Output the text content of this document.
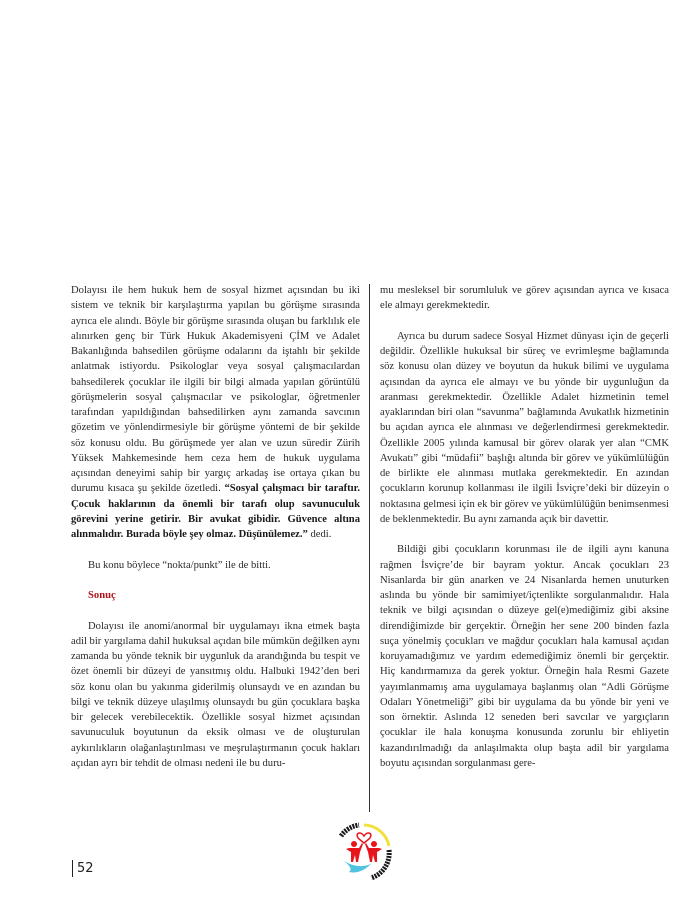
Dolayısı ile hem hukuk hem de sosyal hizmet açısından bu iki sistem ve teknik bir karşılaştırma yapılan bu görüşme sırasında ayrıca ele alındı. Böyle bir görüşme sırasında oluşan bu farklılık ele alınırken genç bir Türk Hukuk Akademisyeni ÇİM ve Adalet Bakanlığında bahsedilen görüşme odalarını da iştahlı bir şekilde anlatmak istiyordu. Psikologlar veya sosyal çalışmacılardan bahsedilerek çocuklar ile ilgili bir bilgi almada yapılan görüntülü görüşmelerin sosyal çalışmacılar ve psikologlar, öğretmenler tarafından yapıldığından bahsedilirken aynı zamanda savcının gözetim ve yönlendirmesiyle bir görüşme yöntemi de bir şekilde söz konusu oldu. Bu görüşmede yer alan ve uzun süredir Zürih Yüksek Mahkemesinde hem ceza hem de hukuk uygulama açısından deneyimi sahip bir yargıç arkadaş ise ortaya çıkan bu durumu kısaca şu şekilde özetledi. “Sosyal çalışmacı bir taraftır. Çocuk haklarının da önemli bir tarafı olup savunuculuk görevini yerine getirir. Bir avukat gibidir. Güvence altına alınmalıdır. Burada böyle şey olmaz. Düşünülemez.” dedi.

Bu konu böylece “nokta/punkt” ile de bitti.

Sonuç

Dolayısı ile anomi/anormal bir uygulamayı ikna etmek başta adil bir yargılama dahil hukuksal açıdan bile mümkün değilken aynı zamanda bu yönde teknik bir uygunluk da arandığında bu tespit ve özet önemli bir düzeyi de yansıtmış oldu. Halbuki 1942’den beri söz konu olan bu yakınma giderilmiş olunsaydı ve en azından bu bilgi ve teknik düzeye ulaşılmış olunsaydı bu gün çocuklara başka bir gelecek verebilecektik. Özellikle sosyal hizmet açısından savunuculuk boyutunun da eksik olması ve de oluşturulan aykırılıkların olağanlaştırılması ve meşrulaştırmanın çocuk hakları açıdan ayrı bir tehdit de olması nedeni ile bu duru-

mu mesleksel bir sorumluluk ve görev açısından ayrıca ve kısaca ele almayı gerekmektedir.

Ayrıca bu durum sadece Sosyal Hizmet dünyası için de geçerli değildir. Özellikle hukuksal bir süreç ve evrimleşme bağlamında söz konusu olan düzey ve boyutun da hukuk bilimi ve uygulama açısından da ayrıca ele almayı ve bu yönde bir uygunluğun da aranması gerekmektedir. Özellikle Adalet hizmetinin temel ayaklarından biri olan “savunma” bağlamında Avukatlık hizmetinin bu açıdan ayrıca ele alınması ve değerlendirmesi gerekmektedir. Özellikle 2005 yılında kamusal bir görev olarak yer alan “CMK Avukatı” gibi “müdafii” başlığı altında bir görev ve yükümlülüğün de birlikte ele alınması mutlaka gerekmektedir. En azından çocukların korunup kollanması ile ilgili İsviçre’deki bir düzeyin o noktasına gelmesi için ek bir görev ve yükümlülüğün benimsenmesi de beklenmektedir. Bu aynı zamanda açık bir davettir.

Bildiği gibi çocukların korunması ile de ilgili aynı kanuna rağmen İsviçre’de bir bayram yoktur. Ancak çocukları 23 Nisanlarda bir gün anarken ve 24 Nisanlarda hemen unuturken aslında bu yönde bir samimiyet/içtenlikte sorgulanmalıdır. Hala teknik ve bilgi açısından o düzeye gel(e)mediğimiz gibi aksine direndiğimizde bir gerçektir. Örneğin her sene 200 binden fazla suça yönelmiş çocukları ve mağdur çocukları hala kamusal açıdan koruyamadığımız ve yardım edemediğimiz önemli bir gerçektir. Hiç kandırmamıza da gerek yoktur. Örneğin hala Resmi Gazete yayımlanmamış ama uygulamaya başlanmış olan “Adli Görüşme Odaları Yönetmeliği” gibi bir uygulama da bu yönde bir yeni ve son örnektir. Aslında 12 seneden beri savcılar ve yargıçların çocuklar ile hala konuşma konusunda zorunlu bir ehliyetin kazandırılmadığı da anlaşılmakta olup başta adil bir yargılama boyutu açısından sorgulanması gere-

52
